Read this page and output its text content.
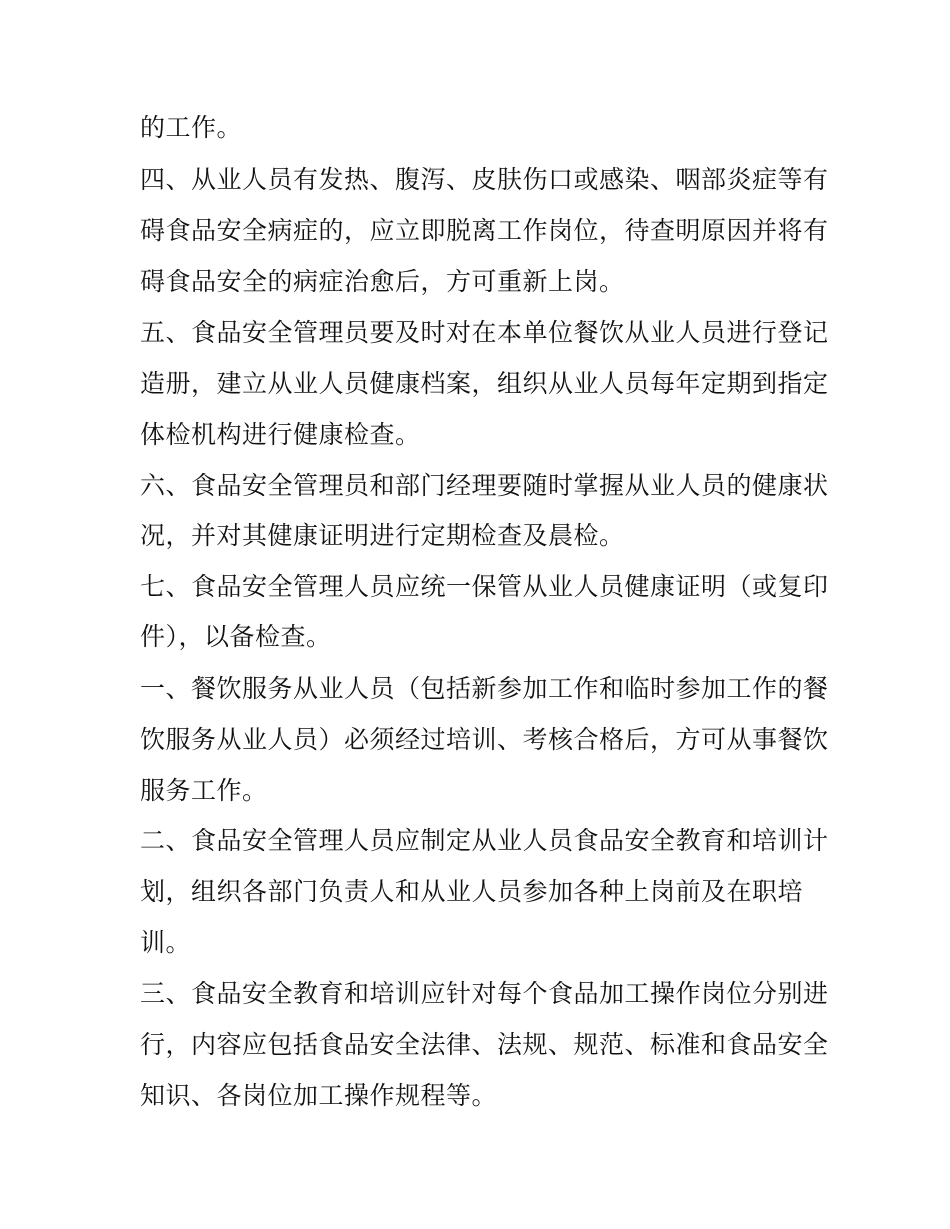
的工作。
四、从业人员有发热、腹泻、皮肤伤口或感染、咽部炎症等有
碍食品安全病症的，应立即脱离工作岗位，待查明原因并将有
碍食品安全的病症治愈后，方可重新上岗。
五、食品安全管理员要及时对在本单位餐饮从业人员进行登记
造册，建立从业人员健康档案，组织从业人员每年定期到指定
体检机构进行健康检查。
六、食品安全管理员和部门经理要随时掌握从业人员的健康状
况，并对其健康证明进行定期检查及晨检。
七、食品安全管理人员应统一保管从业人员健康证明（或复印
件），以备检查。
一、餐饮服务从业人员（包括新参加工作和临时参加工作的餐
饮服务从业人员）必须经过培训、考核合格后，方可从事餐饮
服务工作。
二、食品安全管理人员应制定从业人员食品安全教育和培训计
划，组织各部门负责人和从业人员参加各种上岗前及在职培
训。
三、食品安全教育和培训应针对每个食品加工操作岗位分别进
行，内容应包括食品安全法律、法规、规范、标准和食品安全
知识、各岗位加工操作规程等。
